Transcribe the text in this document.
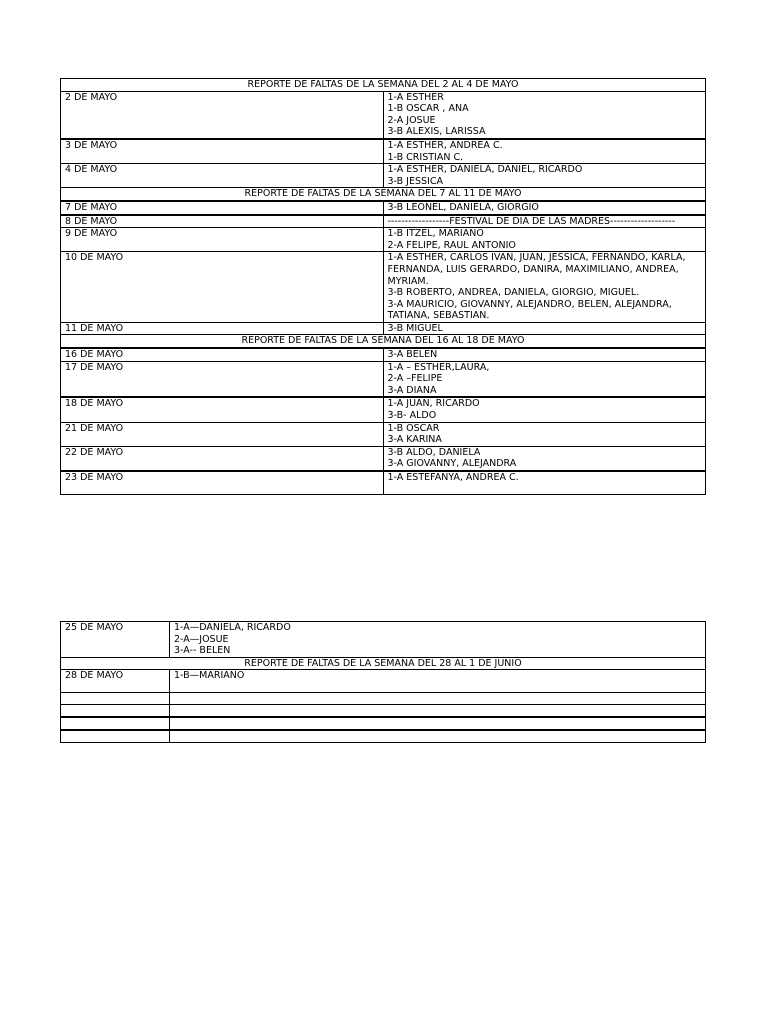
REPORTE DE FALTAS DE LA SEMANA DEL 2 AL 4 DE MAYO	
2 DE MAYO	1-A ESTHER
1-B OSCAR , ANA
2-A JOSUE
3-B ALEXIS, LARISSA

3 DE MAYO	1-A ESTHER, ANDREA C.
1-B CRISTIAN C.

4 DE MAYO	1-A ESTHER, DANIELA, DANIEL, RICARDO
3-B JESSICA

REPORTE DE FALTAS DE LA SEMANA DEL 7 AL 11 DE MAYO	
7 DE MAYO	3-B LEONEL, DANIELA, GIORGIO

8 DE MAYO	------------------FESTIVAL DE DIA DE LAS MADRES-------------------

9 DE MAYO	1-B ITZEL, MARIANO
2-A FELIPE, RAUL ANTONIO

10 DE MAYO	1-A ESTHER, CARLOS IVAN, JUAN, JESSICA, FERNANDO, KARLA, FERNANDA, LUIS GERARDO, DANIRA, MAXIMILIANO, ANDREA, MYRIAM.
3-B ROBERTO, ANDREA, DANIELA, GIORGIO, MIGUEL.
3-A MAURICIO, GIOVANNY, ALEJANDRO, BELEN, ALEJANDRA, TATIANA, SEBASTIAN.

11 DE MAYO	3-B MIGUEL

REPORTE DE FALTAS DE LA SEMANA DEL 16 AL 18 DE MAYO	
16 DE MAYO	3-A BELEN

17 DE MAYO	1-A – ESTHER,LAURA,
2-A –FELIPE
3-A DIANA

18 DE MAYO	1-A JUAN, RICARDO
3-B- ALDO

21 DE MAYO	1-B OSCAR
3-A KARINA

22 DE MAYO	3-B ALDO, DANIELA
3-A GIOVANNY, ALEJANDRA

23 DE MAYO	1-A ESTEFANYA, ANDREA C.
25 DE MAYO	1-A—DANIELA, RICARDO
2-A—JOSUE
3-A-- BELEN

REPORTE DE FALTAS DE LA SEMANA DEL 28 AL 1 DE JUNIO	
28 DE MAYO	1-B—MARIANO
